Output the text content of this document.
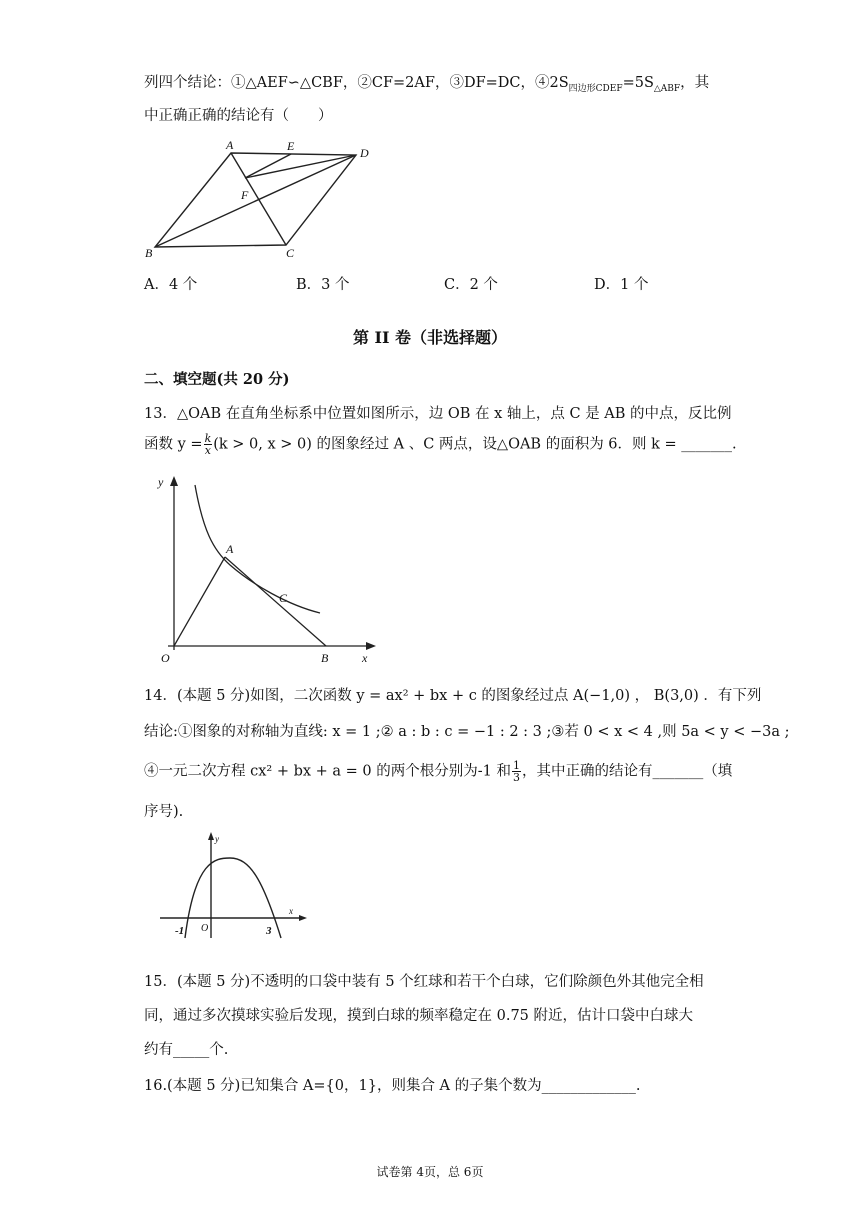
列四个结论：①△AEF∽△CBF，②CF=2AF，③DF=DC，$④2S_{四边形CDEF}=5S_{\triangle ABF}$，其
中正确正确的结论有（　　）
A	E	D
F
B	C
A．4 个	B．3 个	C．2 个	D．1 个
第 II 卷（非选择题）
二、填空题(共 20 分)
13．△OAB 在直角坐标系中位置如图所示，边 OB 在 x 轴上，点 C 是 AB 的中点，反比例
函数 $y = \frac{k}{x} (k > 0$, x > 0) 的图象经过 A 、C 两点，设△OAB 的面积为 6．则 k = _______.
y
A
C
O	B	x
14．(本题 5 分)如图，二次函数 y = ax² + bx + c 的图象经过点 A(−1,0) ， B(3,0) ．有下列
结论:①图象的对称轴为直线: x = 1 ;② a : b : c = −1 : 2 : 3 ;③若 0 < x < 4 ,则 5a < y < −3a ;
④一元二次方程 cx² + bx + a = 0 的两个根分别为-1 和 $\frac{1}{3}$ ，其中正确的结论有_______（填
序号).
y
x
-1 O	3
15．(本题 5 分)不透明的口袋中装有 5 个红球和若干个白球，它们除颜色外其他完全相
同，通过多次摸球实验后发现，摸到白球的频率稳定在 0.75 附近，估计口袋中白球大
约有_____个.
16.(本题 5 分)已知集合 A={0，1}，则集合 A 的子集个数为_____________.
试卷第 4页，总 6页
